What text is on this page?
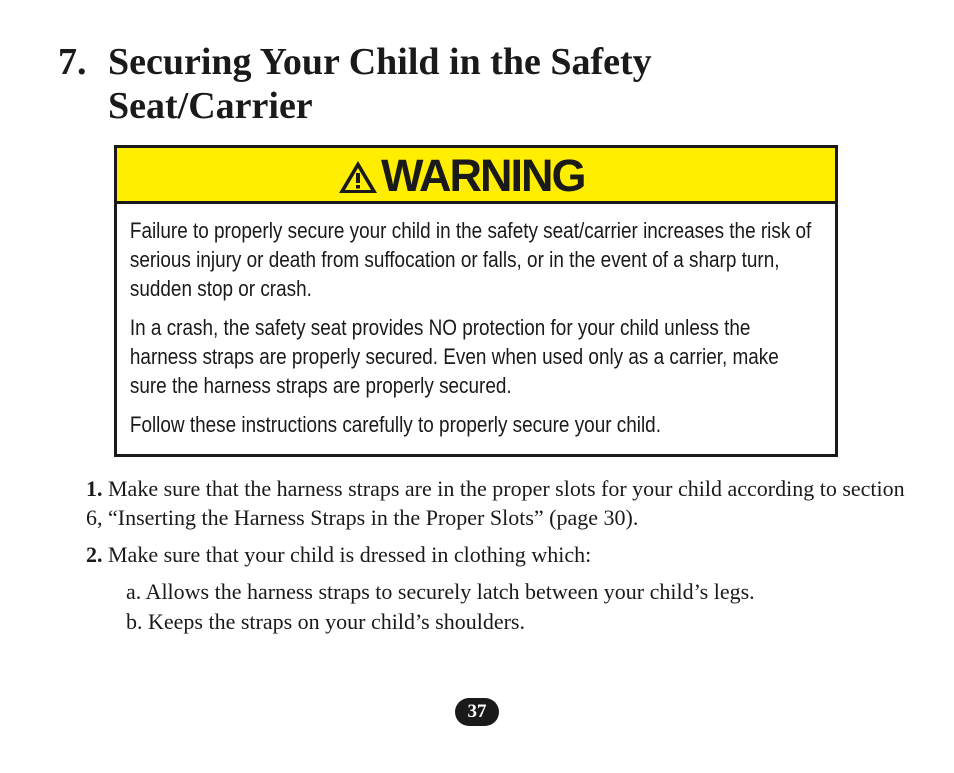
7. Securing Your Child in the Safety
Seat/Carrier
WARNING

Failure to properly secure your child in the safety seat/carrier increases the risk of serious injury or death from suffocation or falls, or in the event of a sharp turn, sudden stop or crash.

In a crash, the safety seat provides NO protection for your child unless the harness straps are properly secured. Even when used only as a carrier, make sure the harness straps are properly secured.

Follow these instructions carefully to properly secure your child.

1. Make sure that the harness straps are in the proper slots for your child according to section 6, “Inserting the Harness Straps in the Proper Slots” (page 30).

2. Make sure that your child is dressed in clothing which:

a. Allows the harness straps to securely latch between your child’s legs.
b. Keeps the straps on your child’s shoulders.
37
